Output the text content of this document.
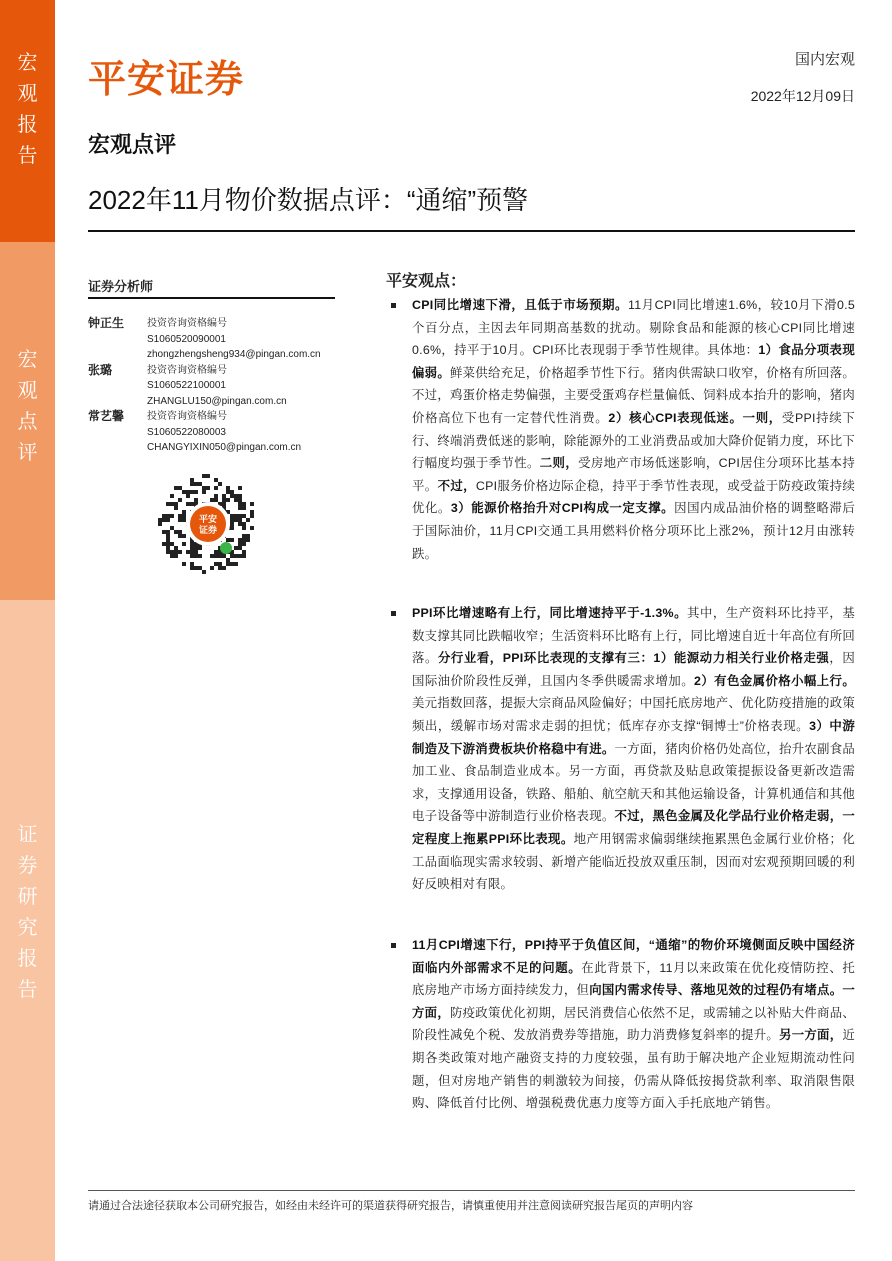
宏
观
报
告
宏
观
点
评
证
券
研
究
报
告
平安证券	国内宏观
2022年12月09日
宏观点评
2022年11月物价数据点评：“通缩”预警
证券分析师
钟正生 投资咨询资格编号
S1060520090001
zhongzhengsheng934@pingan.com.cn
张璐	投资咨询资格编号
S1060522100001
ZHANGLU150@pingan.com.cn
常艺馨 投资咨询资格编号
S1060522080003
CHANGYIXIN050@pingan.com.cn
平安
证券
平安观点：
CPI同比增速下滑，且低于市场预期。11月CPI同比增速1.6%，较10月下滑0.5个百分点，主因去年同期高基数的扰动。剔除食品和能源的核心CPI同比增速0.6%，持平于10月。CPI环比表现弱于季节性规律。具体地：1）食品分项表现偏弱。鲜菜供给充足，价格超季节性下行。猪肉供需缺口收窄，价格有所回落。不过，鸡蛋价格走势偏强，主要受蛋鸡存栏量偏低、饲料成本抬升的影响，猪肉价格高位下也有一定替代性消费。2）核心CPI表现低迷。一则，受PPI持续下行、终端消费低迷的影响，除能源外的工业消费品或加大降价促销力度，环比下行幅度均强于季节性。二则，受房地产市场低迷影响，CPI居住分项环比基本持平。不过，CPI服务价格边际企稳，持平于季节性表现，或受益于防疫政策持续优化。3）能源价格抬升对CPI构成一定支撑。因国内成品油价格的调整略滞后于国际油价，11月CPI交通工具用燃料价格分项环比上涨2%，预计12月由涨转跌。
PPI环比增速略有上行，同比增速持平于-1.3%。其中，生产资料环比持平，基数支撑其同比跌幅收窄；生活资料环比略有上行，同比增速自近十年高位有所回落。分行业看，PPI环比表现的支撑有三：1）能源动力相关行业价格走强，因国际油价阶段性反弹，且国内冬季供暖需求增加。2）有色金属价格小幅上行。美元指数回落，提振大宗商品风险偏好；中国托底房地产、优化防疫措施的政策频出，缓解市场对需求走弱的担忧；低库存亦支撑“铜博士”价格表现。3）中游制造及下游消费板块价格稳中有进。一方面，猪肉价格仍处高位，抬升农副食品加工业、食品制造业成本。另一方面，再贷款及贴息政策提振设备更新改造需求，支撑通用设备，铁路、船舶、航空航天和其他运输设备，计算机通信和其他电子设备等中游制造行业价格表现。不过，黑色金属及化学品行业价格走弱，一定程度上拖累PPI环比表现。地产用钢需求偏弱继续拖累黑色金属行业价格；化工品面临现实需求较弱、新增产能临近投放双重压制，因而对宏观预期回暖的利好反映相对有限。
11月CPI增速下行，PPI持平于负值区间，“通缩”的物价环境侧面反映中国经济面临内外部需求不足的问题。在此背景下，11月以来政策在优化疫情防控、托底房地产市场方面持续发力，但向国内需求传导、落地见效的过程仍有堵点。一方面，防疫政策优化初期，居民消费信心依然不足，或需辅之以补贴大件商品、阶段性减免个税、发放消费券等措施，助力消费修复斜率的提升。另一方面，近期各类政策对地产融资支持的力度较强，虽有助于解决地产企业短期流动性问题，但对房地产销售的刺激较为间接，仍需从降低按揭贷款利率、取消限售限购、降低首付比例、增强税费优惠力度等方面入手托底地产销售。
请通过合法途径获取本公司研究报告，如经由未经许可的渠道获得研究报告，请慎重使用并注意阅读研究报告尾页的声明内容
